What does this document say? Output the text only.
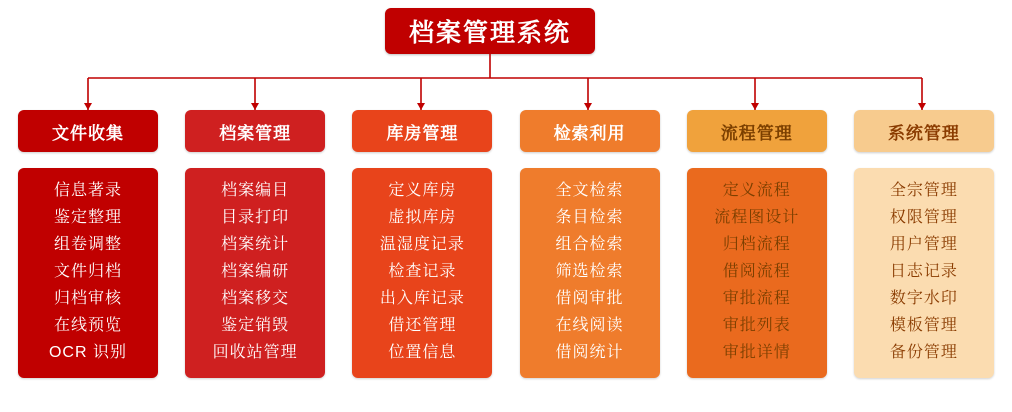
档案管理系统
文件收集
信息著录
鉴定整理
组卷调整
文件归档
归档审核
在线预览
OCR 识别
档案管理
档案编目
目录打印
档案统计
档案编研
档案移交
鉴定销毁
回收站管理
库房管理
定义库房
虚拟库房
温湿度记录
检查记录
出入库记录
借还管理
位置信息
检索利用
全文检索
条目检索
组合检索
筛选检索
借阅审批
在线阅读
借阅统计
流程管理
定义流程
流程图设计
归档流程
借阅流程
审批流程
审批列表
审批详情
系统管理
全宗管理
权限管理
用户管理
日志记录
数字水印
模板管理
备份管理
